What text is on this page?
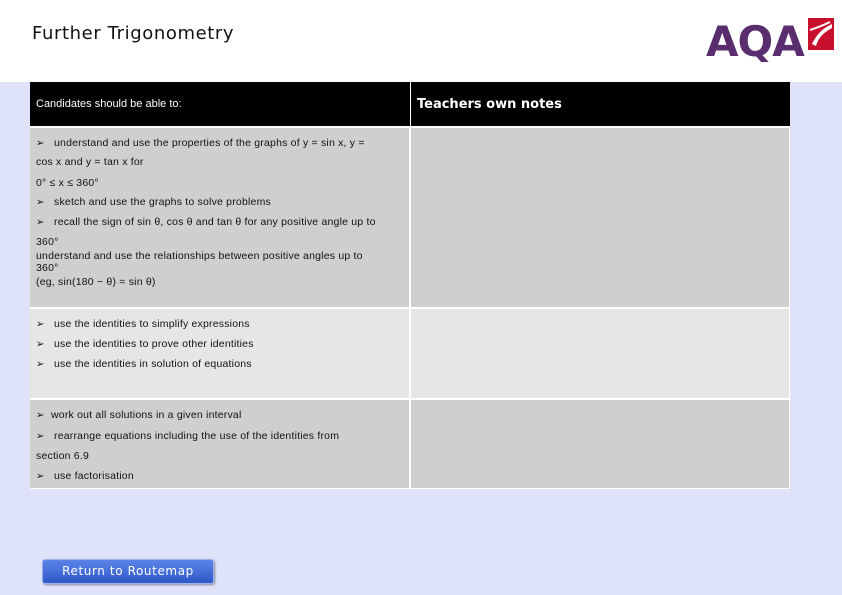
Further Trigonometry	AQA
Candidates should be able to:	Teachers own notes
➢ understand and use the properties of the graphs of y = sin x, y =
cos x and y = tan x for
0° ≤ x ≤ 360°
➢ sketch and use the graphs to solve problems
➢ recall the sign of sin θ, cos θ and tan θ for any positive angle up to
360°
understand and use the relationships between positive angles up to
360°
(eg, sin(180 − θ) = sin θ)
➢ use the identities to simplify expressions
➢ use the identities to prove other identities
➢ use the identities in solution of equations
➢ work out all solutions in a given interval
➢ rearrange equations including the use of the identities from
section 6.9
➢ use factorisation
Return to Routemap
